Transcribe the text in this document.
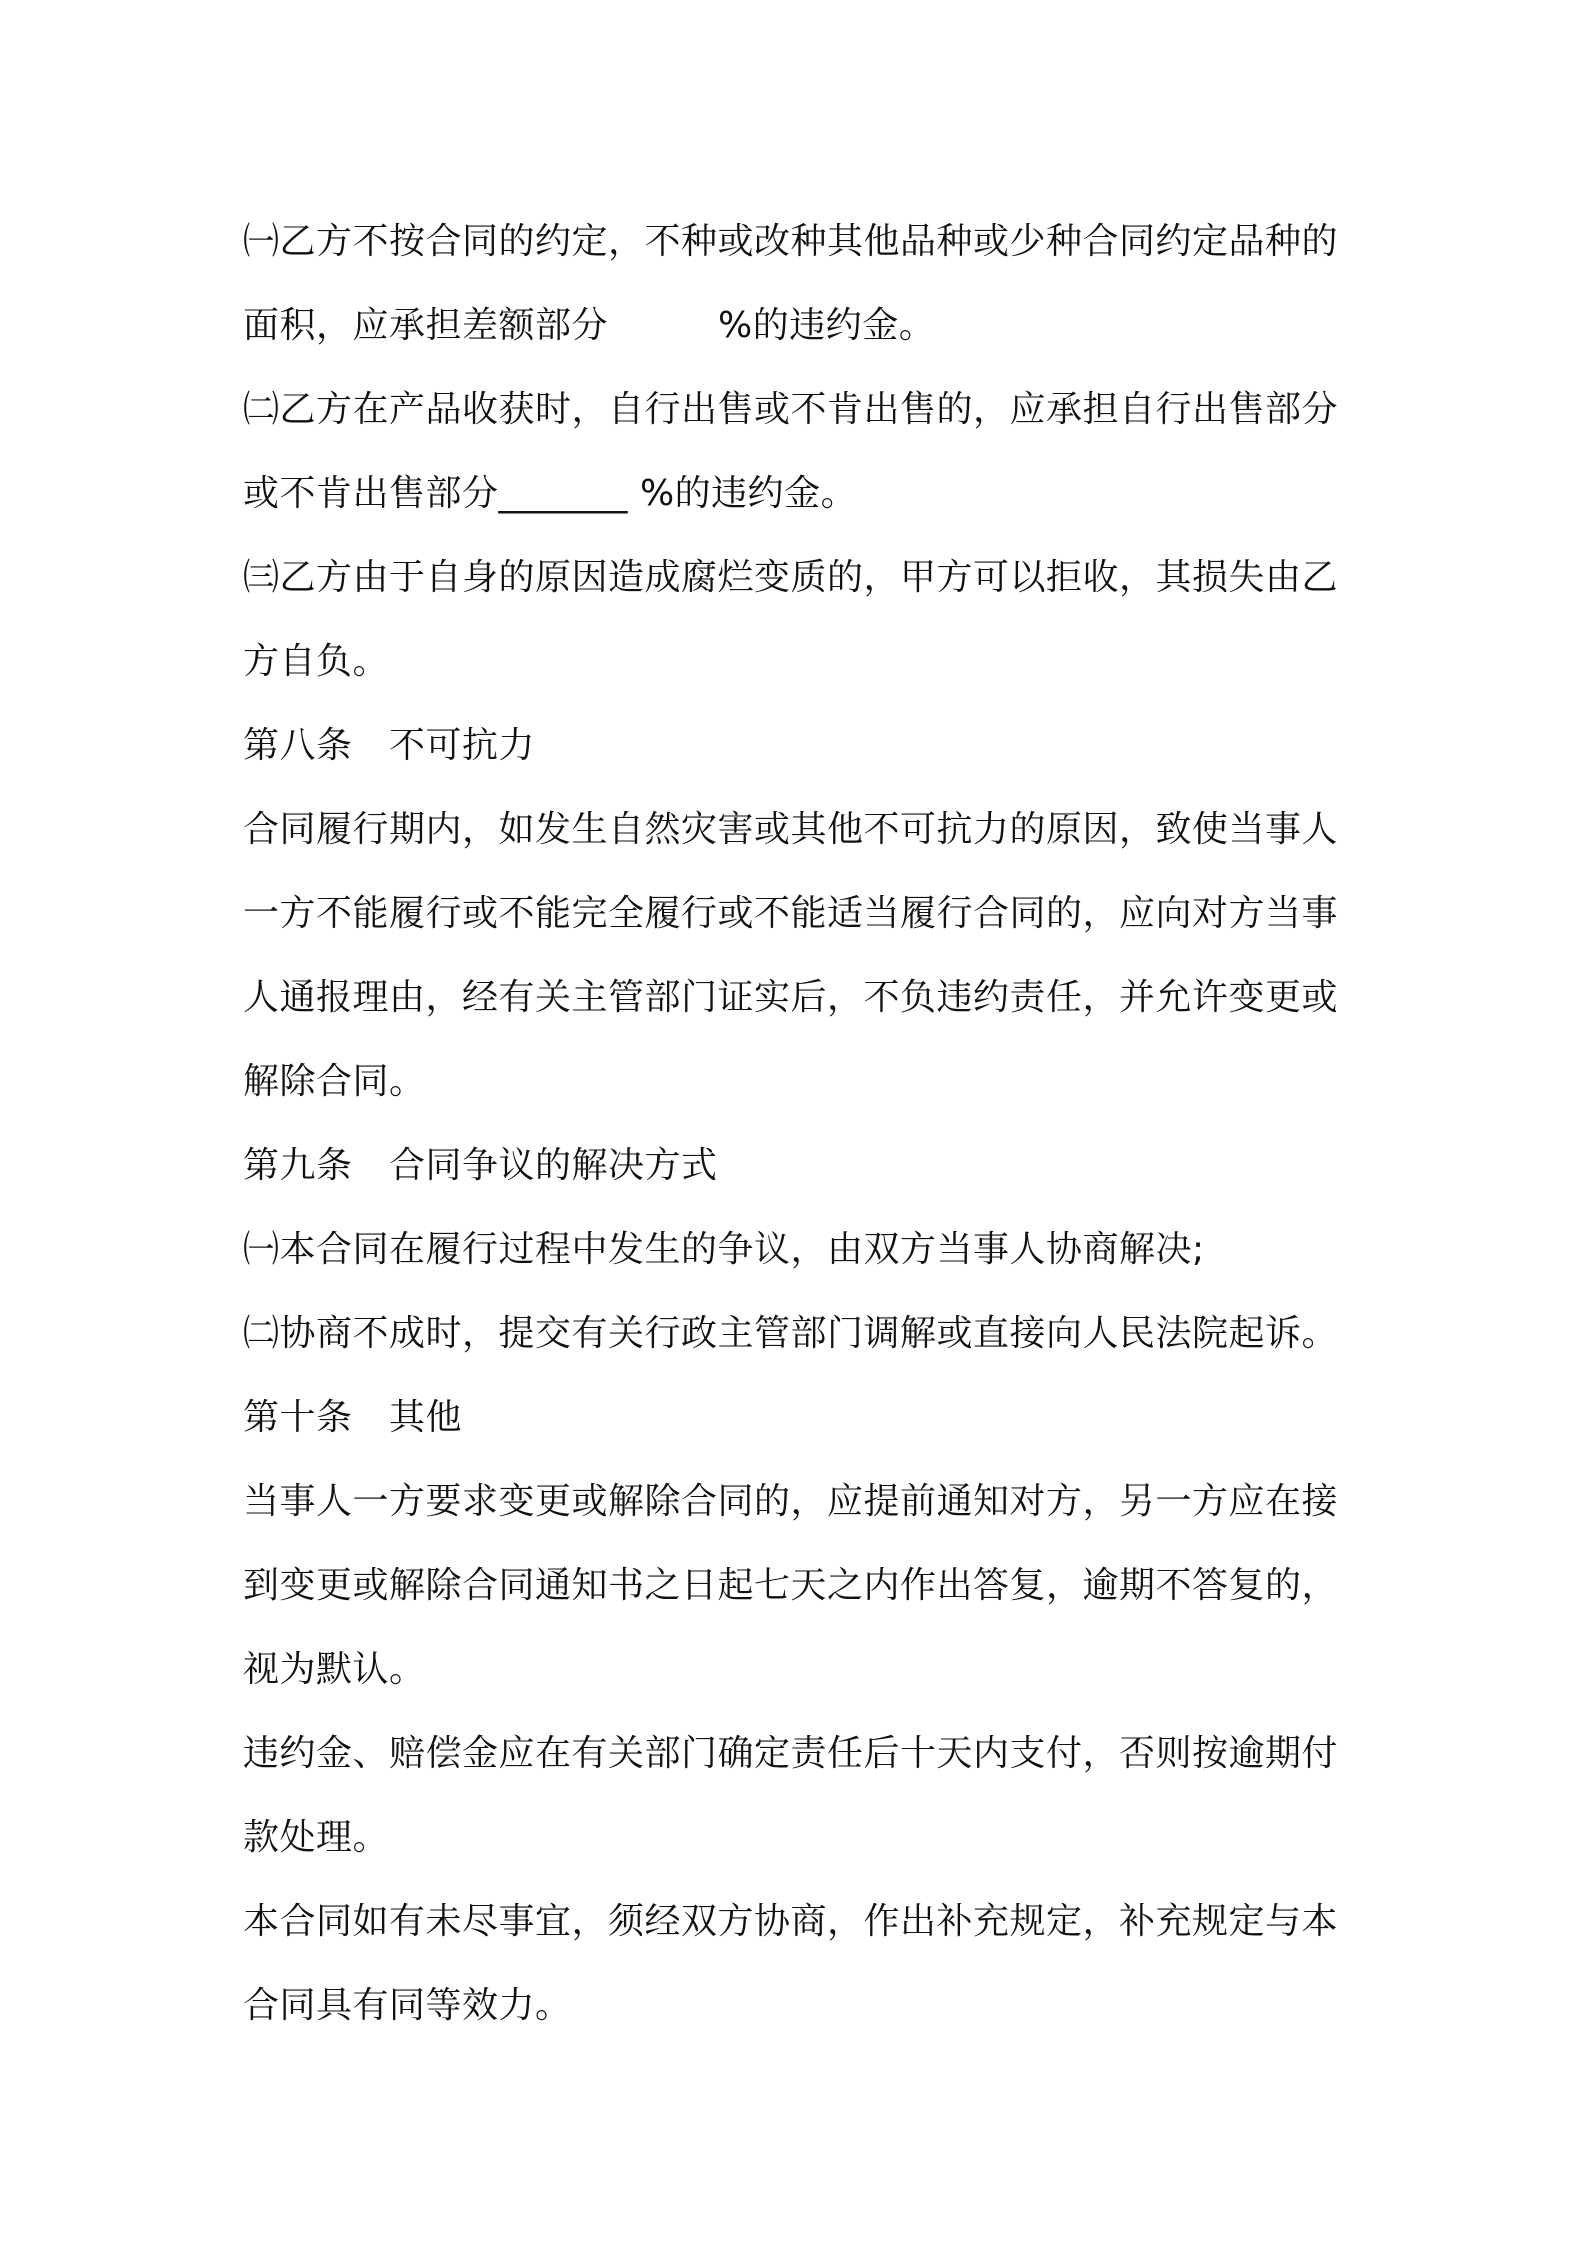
㈠乙方不按合同的约定，不种或改种其他品种或少种合同约定品种的
面积，应承担差额部分	%的违约金。
㈡乙方在产品收获时，自行出售或不肯出售的，应承担自行出售部分
或不肯出售部分_______ %的违约金。
㈢乙方由于自身的原因造成腐烂变质的，甲方可以拒收，其损失由乙
方自负。
第八条　不可抗力
合同履行期内，如发生自然灾害或其他不可抗力的原因，致使当事人
一方不能履行或不能完全履行或不能适当履行合同的，应向对方当事
人通报理由，经有关主管部门证实后，不负违约责任，并允许变更或
解除合同。
第九条　合同争议的解决方式
㈠本合同在履行过程中发生的争议，由双方当事人协商解决;
㈡协商不成时，提交有关行政主管部门调解或直接向人民法院起诉。
第十条　其他
当事人一方要求变更或解除合同的，应提前通知对方，另一方应在接
到变更或解除合同通知书之日起七天之内作出答复，逾期不答复的，
视为默认。
违约金、赔偿金应在有关部门确定责任后十天内支付，否则按逾期付
款处理。
本合同如有未尽事宜，须经双方协商，作出补充规定，补充规定与本
合同具有同等效力。
